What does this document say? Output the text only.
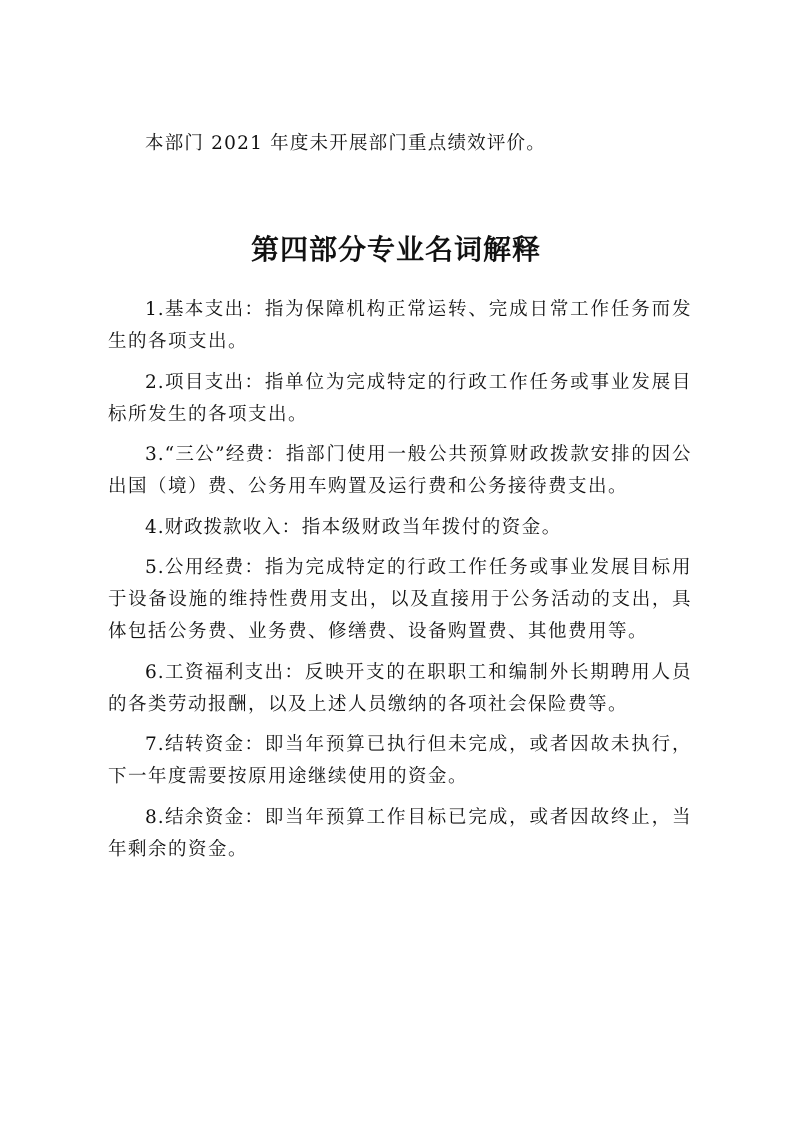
本部门 2021 年度未开展部门重点绩效评价。

第四部分专业名词解释
1.基本支出：指为保障机构正常运转、完成日常工作任务而发生的各项支出。
2.项目支出：指单位为完成特定的行政工作任务或事业发展目标所发生的各项支出。
3.“三公”经费：指部门使用一般公共预算财政拨款安排的因公出国（境）费、公务用车购置及运行费和公务接待费支出。
4.财政拨款收入：指本级财政当年拨付的资金。
5.公用经费：指为完成特定的行政工作任务或事业发展目标用于设备设施的维持性费用支出，以及直接用于公务活动的支出，具体包括公务费、业务费、修缮费、设备购置费、其他费用等。
6.工资福利支出：反映开支的在职职工和编制外长期聘用人员的各类劳动报酬，以及上述人员缴纳的各项社会保险费等。
7.结转资金：即当年预算已执行但未完成，或者因故未执行，下一年度需要按原用途继续使用的资金。
8.结余资金：即当年预算工作目标已完成，或者因故终止，当年剩余的资金。
